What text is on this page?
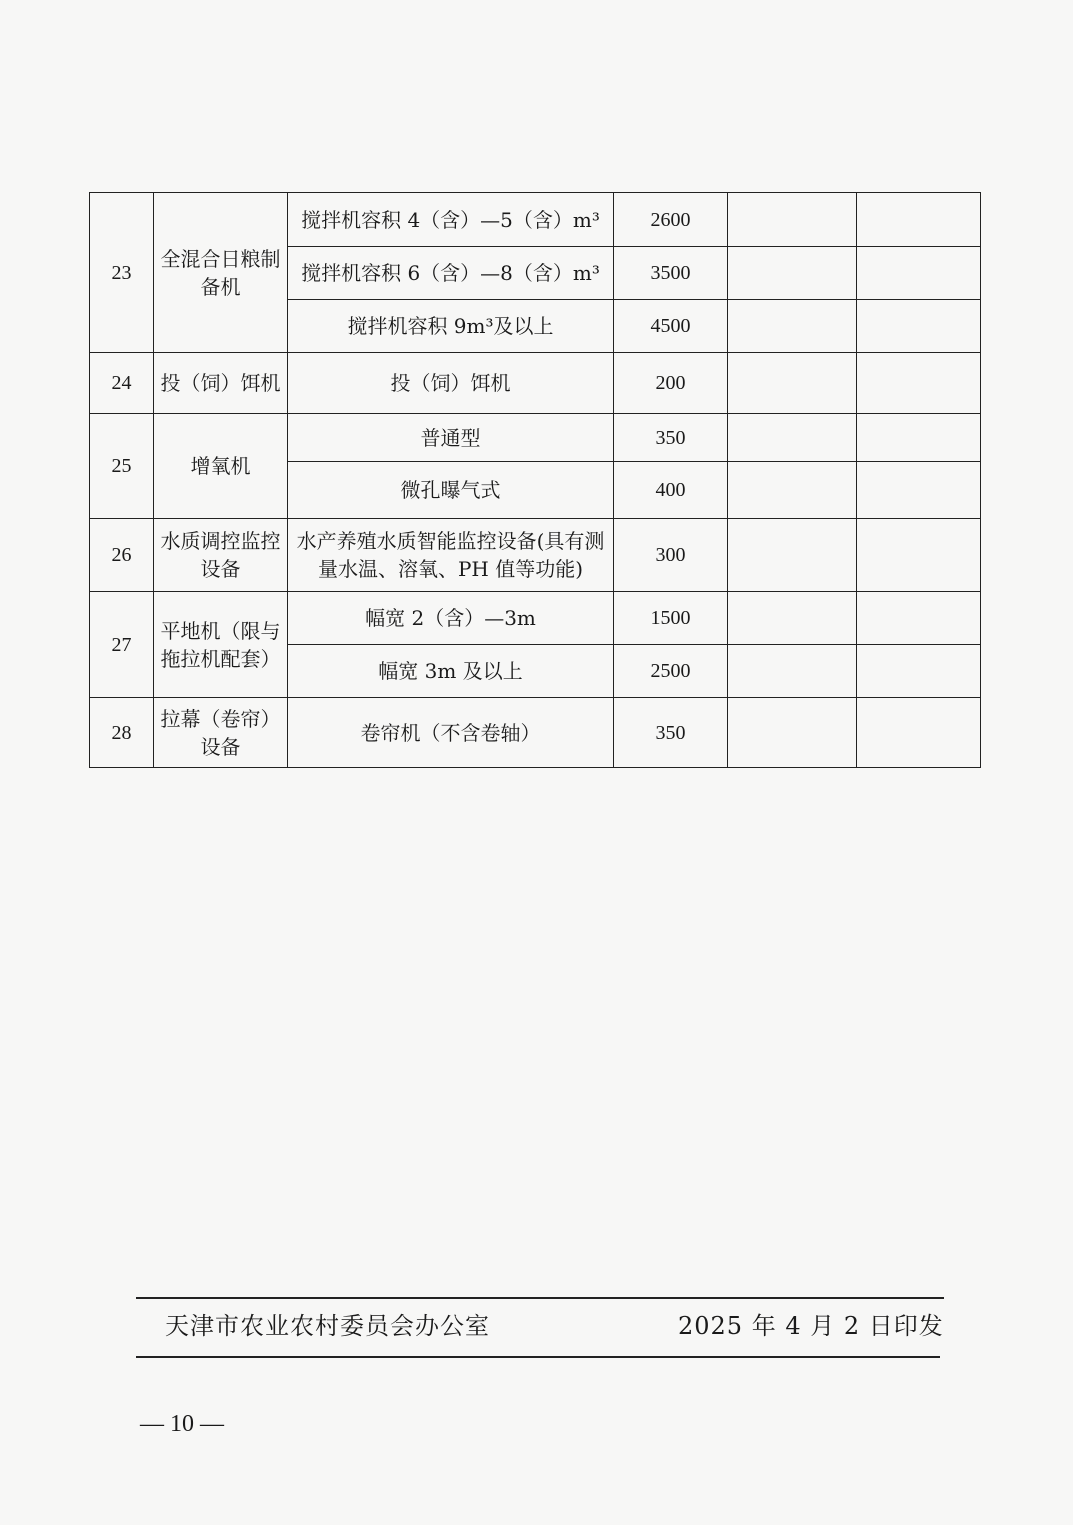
23	全混合日粮制备机	搅拌机容积 4（含）—5（含）m³	2600		
		搅拌机容积 6（含）—8（含）m³	3500		
		搅拌机容积 9m³及以上	4500		
24	投（饲）饵机	投（饲）饵机	200		
25	增氧机	普通型	350		
		微孔曝气式	400		
26	水质调控监控设备	水产养殖水质智能监控设备(具有测量水温、溶氧、PH 值等功能)	300		
27	平地机（限与拖拉机配套）	幅宽 2（含）—3m	1500		
		幅宽 3m 及以上	2500		
28	拉幕（卷帘）设备	卷帘机（不含卷轴）	350		
天津市农业农村委员会办公室	2025 年 4 月 2 日印发
— 10 —
